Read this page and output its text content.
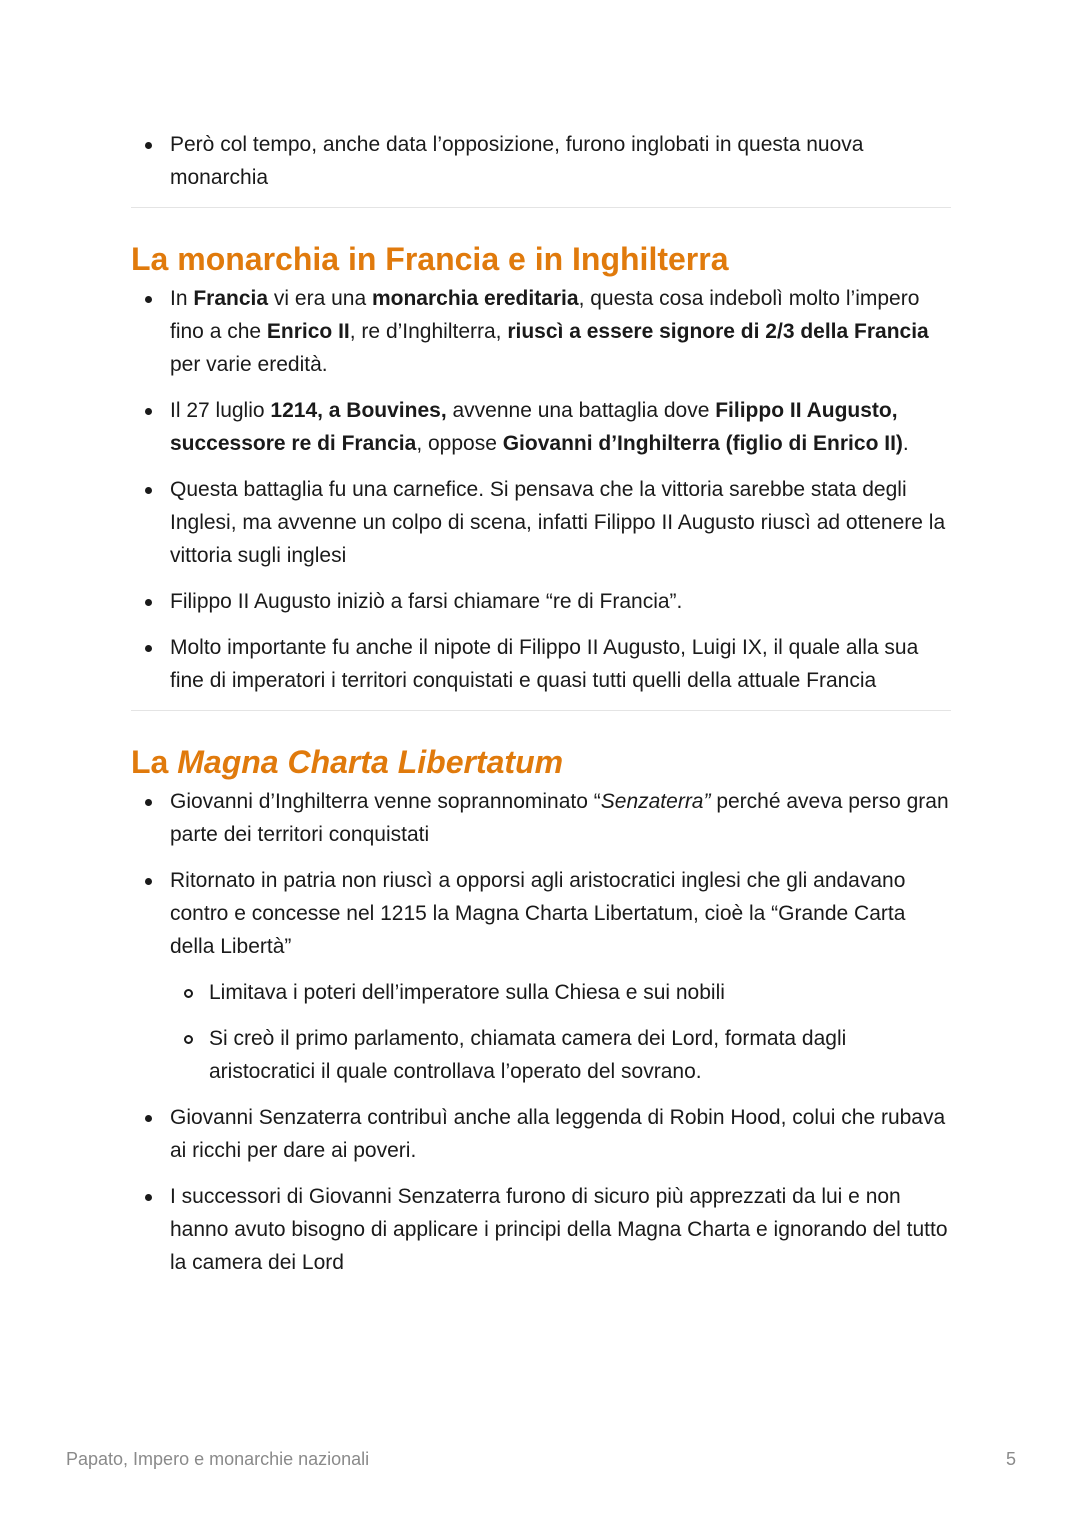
Però col tempo, anche data l’opposizione, furono inglobati in questa nuova monarchia
La monarchia in Francia e in Inghilterra
In Francia vi era una monarchia ereditaria, questa cosa indebolì molto l’impero fino a che Enrico II, re d’Inghilterra, riuscì a essere signore di 2/3 della Francia per varie eredità.
Il 27 luglio 1214, a Bouvines, avvenne una battaglia dove Filippo II Augusto, successore re di Francia, oppose Giovanni d’Inghilterra (figlio di Enrico II).
Questa battaglia fu una carnefice. Si pensava che la vittoria sarebbe stata degli Inglesi, ma avvenne un colpo di scena, infatti Filippo II Augusto riuscì ad ottenere la vittoria sugli inglesi
Filippo II Augusto iniziò a farsi chiamare “re di Francia”.
Molto importante fu anche il nipote di Filippo II Augusto, Luigi IX, il quale alla sua fine di imperatori i territori conquistati e quasi tutti quelli della attuale Francia
La Magna Charta Libertatum
Giovanni d’Inghilterra venne soprannominato “Senzaterra” perché aveva perso gran parte dei territori conquistati
Ritornato in patria non riuscì a opporsi agli aristocratici inglesi che gli andavano contro e concesse nel 1215 la Magna Charta Libertatum, cioè la “Grande Carta della Libertà”
Limitava i poteri dell’imperatore sulla Chiesa e sui nobili
Si creò il primo parlamento, chiamata camera dei Lord, formata dagli aristocratici il quale controllava l’operato del sovrano.
Giovanni Senzaterra contribuì anche alla leggenda di Robin Hood, colui che rubava ai ricchi per dare ai poveri.
I successori di Giovanni Senzaterra furono di sicuro più apprezzati da lui e non hanno avuto bisogno di applicare i principi della Magna Charta e ignorando del tutto la camera dei Lord
Papato, Impero e monarchie nazionali	5
